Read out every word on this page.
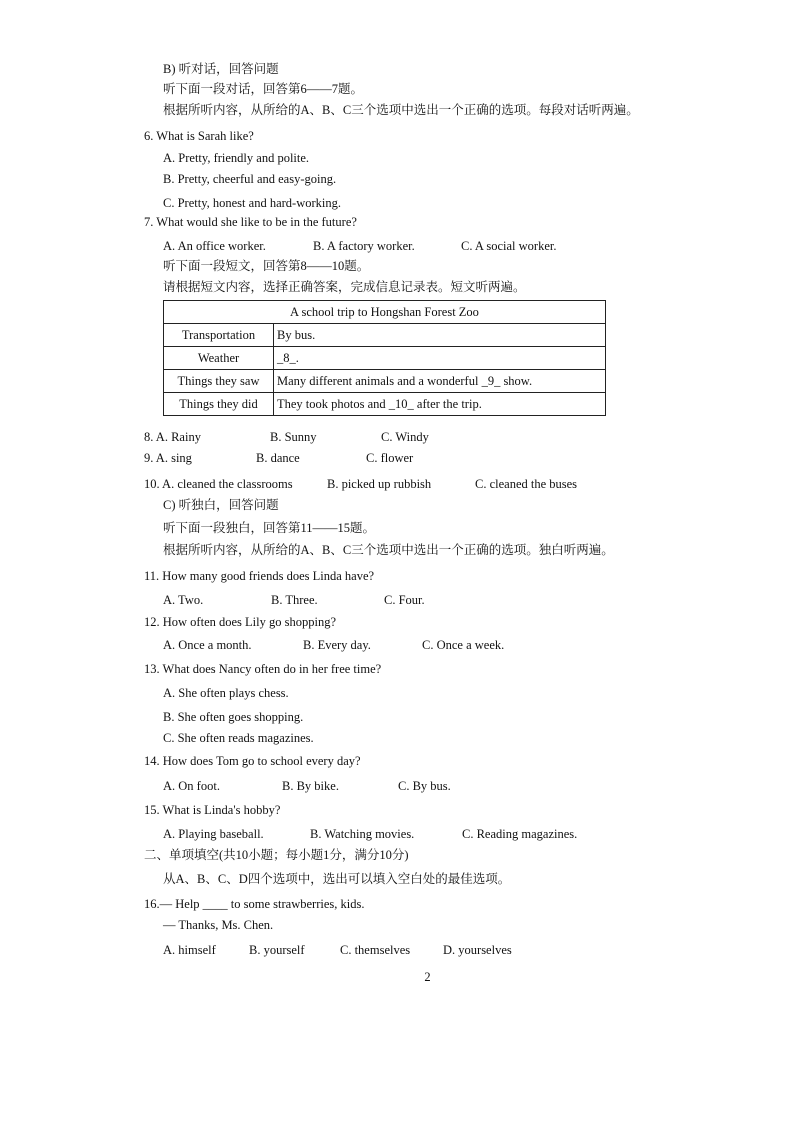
B) 听对话，回答问题
听下面一段对话，回答第6——7题。
根据所听内容，从所给的A、B、C三个选项中选出一个正确的选项。每段对话听两遍。
6. What is Sarah like?
A. Pretty, friendly and polite.
B. Pretty, cheerful and easy-going.
C. Pretty, honest and hard-working.
7. What would she like to be in the future?
A. An office worker.	B. A factory worker.	C. A social worker.
听下面一段短文，回答第8——10题。
请根据短文内容，选择正确答案，完成信息记录表。短文听两遍。
A school trip to Hongshan Forest Zoo	
Transportation	By bus.
Weather	_8_.
Things they saw	Many different animals and a wonderful _9_ show.
Things they did	They took photos and _10_ after the trip.
8. A. Rainy	B. Sunny	C. Windy
9. A. sing	B. dance	C. flower
10. A. cleaned the classrooms	B. picked up rubbish	C. cleaned the buses
C) 听独白，回答问题
听下面一段独白，回答第11——15题。
根据所听内容，从所给的A、B、C三个选项中选出一个正确的选项。独白听两遍。
11. How many good friends does Linda have?
A. Two.	B. Three.	C. Four.
12. How often does Lily go shopping?
A. Once a month.	B. Every day.	C. Once a week.
13. What does Nancy often do in her free time?
A. She often plays chess.
B. She often goes shopping.
C. She often reads magazines.
14. How does Tom go to school every day?
A. On foot.	B. By bike.	C. By bus.
15. What is Linda's hobby?
A. Playing baseball.	B. Watching movies.	C. Reading magazines.
二、单项填空(共10小题；每小题1分，满分10分)
从A、B、C、D四个选项中，选出可以填入空白处的最佳选项。
16.— Help ____ to some strawberries, kids.
— Thanks, Ms. Chen.
A. himself	B. yourself	C. themselves	D. yourselves
2
